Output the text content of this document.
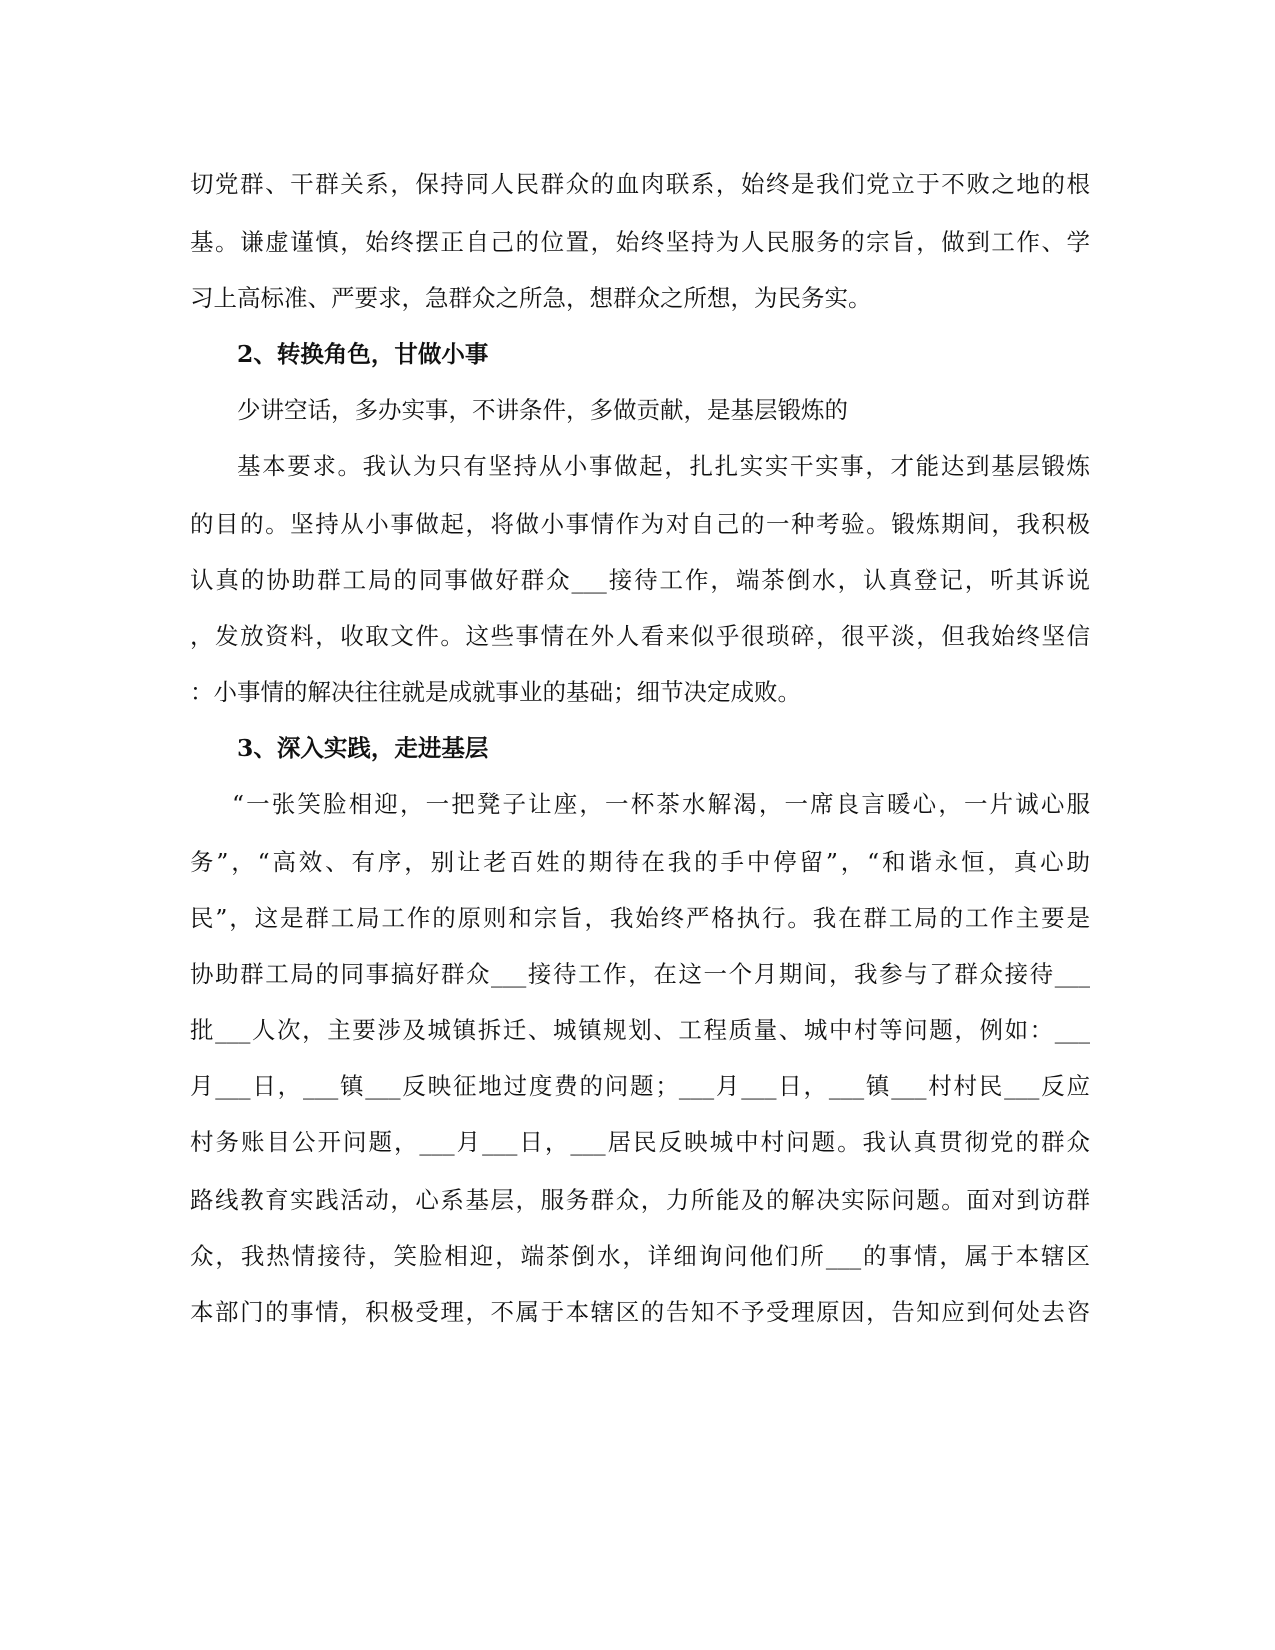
切党群、干群关系，保持同人民群众的血肉联系，始终是我们党立于不败之地的根
基。谦虚谨慎，始终摆正自己的位置，始终坚持为人民服务的宗旨，做到工作、学
习上高标准、严要求，急群众之所急，想群众之所想，为民务实。
2、转换角色，甘做小事
少讲空话，多办实事，不讲条件，多做贡献，是基层锻炼的
基本要求。我认为只有坚持从小事做起，扎扎实实干实事，才能达到基层锻炼
的目的。坚持从小事做起，将做小事情作为对自己的一种考验。锻炼期间，我积极
认真的协助群工局的同事做好群众___接待工作，端茶倒水，认真登记，听其诉说
，发放资料，收取文件。这些事情在外人看来似乎很琐碎，很平淡，但我始终坚信
：小事情的解决往往就是成就事业的基础；细节决定成败。
3、深入实践，走进基层
“一张笑脸相迎，一把凳子让座，一杯茶水解渴，一席良言暖心，一片诚心服
务”，“高效、有序，别让老百姓的期待在我的手中停留”，“和谐永恒，真心助
民”，这是群工局工作的原则和宗旨，我始终严格执行。我在群工局的工作主要是
协助群工局的同事搞好群众___接待工作，在这一个月期间，我参与了群众接待___
批___人次，主要涉及城镇拆迁、城镇规划、工程质量、城中村等问题，例如：___
月___日，___镇___反映征地过度费的问题；___月___日，___镇___村村民___反应
村务账目公开问题，___月___日，___居民反映城中村问题。我认真贯彻党的群众
路线教育实践活动，心系基层，服务群众，力所能及的解决实际问题。面对到访群
众，我热情接待，笑脸相迎，端茶倒水，详细询问他们所___的事情，属于本辖区
本部门的事情，积极受理，不属于本辖区的告知不予受理原因，告知应到何处去咨
